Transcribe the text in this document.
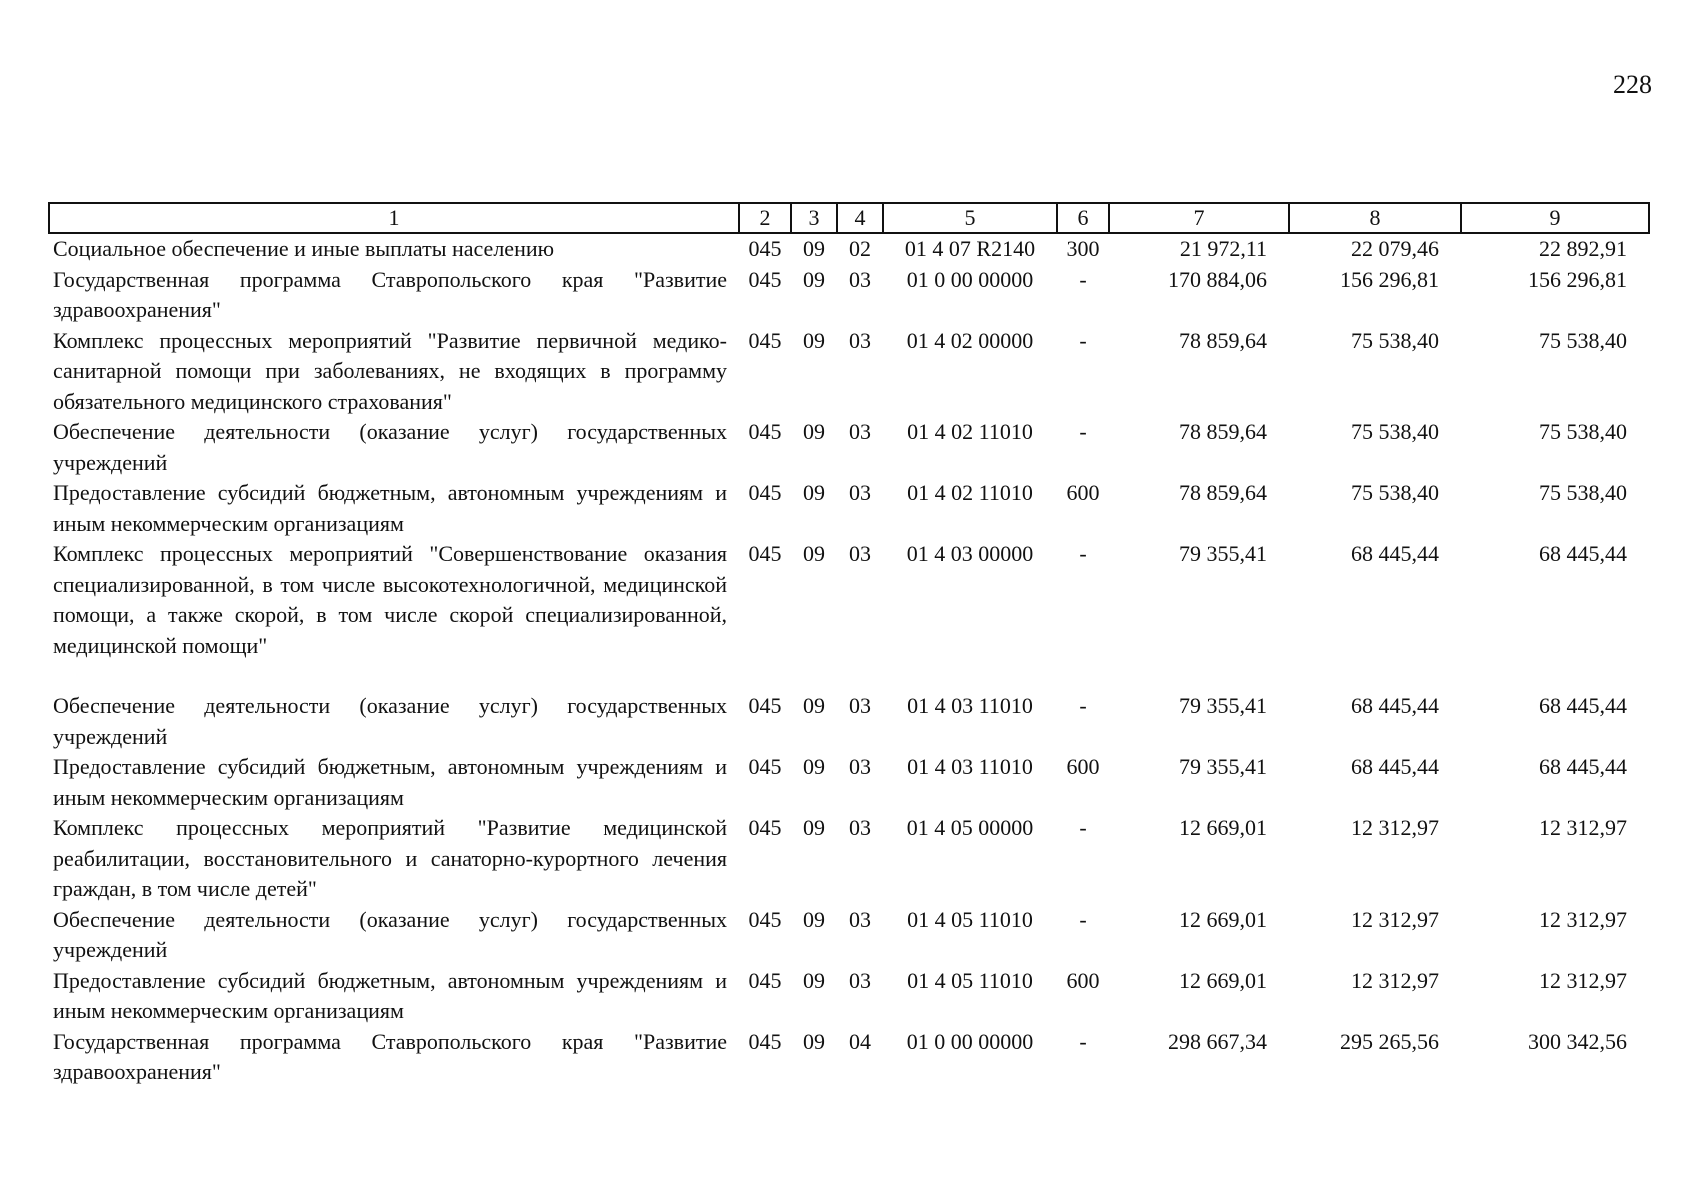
228
1	2	3	4	5	6	7	8	9
Социальное обеспечение и иные выплаты населению	045	09	02	01 4 07 R2140	300	21 972,11	22 079,46	22 892,91
Государственная программа Ставропольского края "Развитие здравоохранения"	045	09	03	01 0 00 00000	-	170 884,06	156 296,81	156 296,81
Комплекс процессных мероприятий "Развитие первичной медико-санитарной помощи при заболеваниях, не входящих в программу обязательного медицинского страхования"	045	09	03	01 4 02 00000	-	78 859,64	75 538,40	75 538,40
Обеспечение деятельности (оказание услуг) государственных учреждений	045	09	03	01 4 02 11010	-	78 859,64	75 538,40	75 538,40
Предоставление субсидий бюджетным, автономным учреждениям и иным некоммерческим организациям	045	09	03	01 4 02 11010	600	78 859,64	75 538,40	75 538,40
Комплекс процессных мероприятий "Совершенствование оказания специализированной, в том числе высокотехнологичной, медицинской помощи, а также скорой, в том числе скорой специализированной, медицинской помощи"	045	09	03	01 4 03 00000	-	79 355,41	68 445,44	68 445,44

Обеспечение деятельности (оказание услуг) государственных учреждений	045	09	03	01 4 03 11010	-	79 355,41	68 445,44	68 445,44
Предоставление субсидий бюджетным, автономным учреждениям и иным некоммерческим организациям	045	09	03	01 4 03 11010	600	79 355,41	68 445,44	68 445,44
Комплекс процессных мероприятий "Развитие медицинской реабилитации, восстановительного и санаторно-курортного лечения граждан, в том числе детей"	045	09	03	01 4 05 00000	-	12 669,01	12 312,97	12 312,97
Обеспечение деятельности (оказание услуг) государственных учреждений	045	09	03	01 4 05 11010	-	12 669,01	12 312,97	12 312,97
Предоставление субсидий бюджетным, автономным учреждениям и иным некоммерческим организациям	045	09	03	01 4 05 11010	600	12 669,01	12 312,97	12 312,97
Государственная программа Ставропольского края "Развитие здравоохранения"	045	09	04	01 0 00 00000	-	298 667,34	295 265,56	300 342,56
